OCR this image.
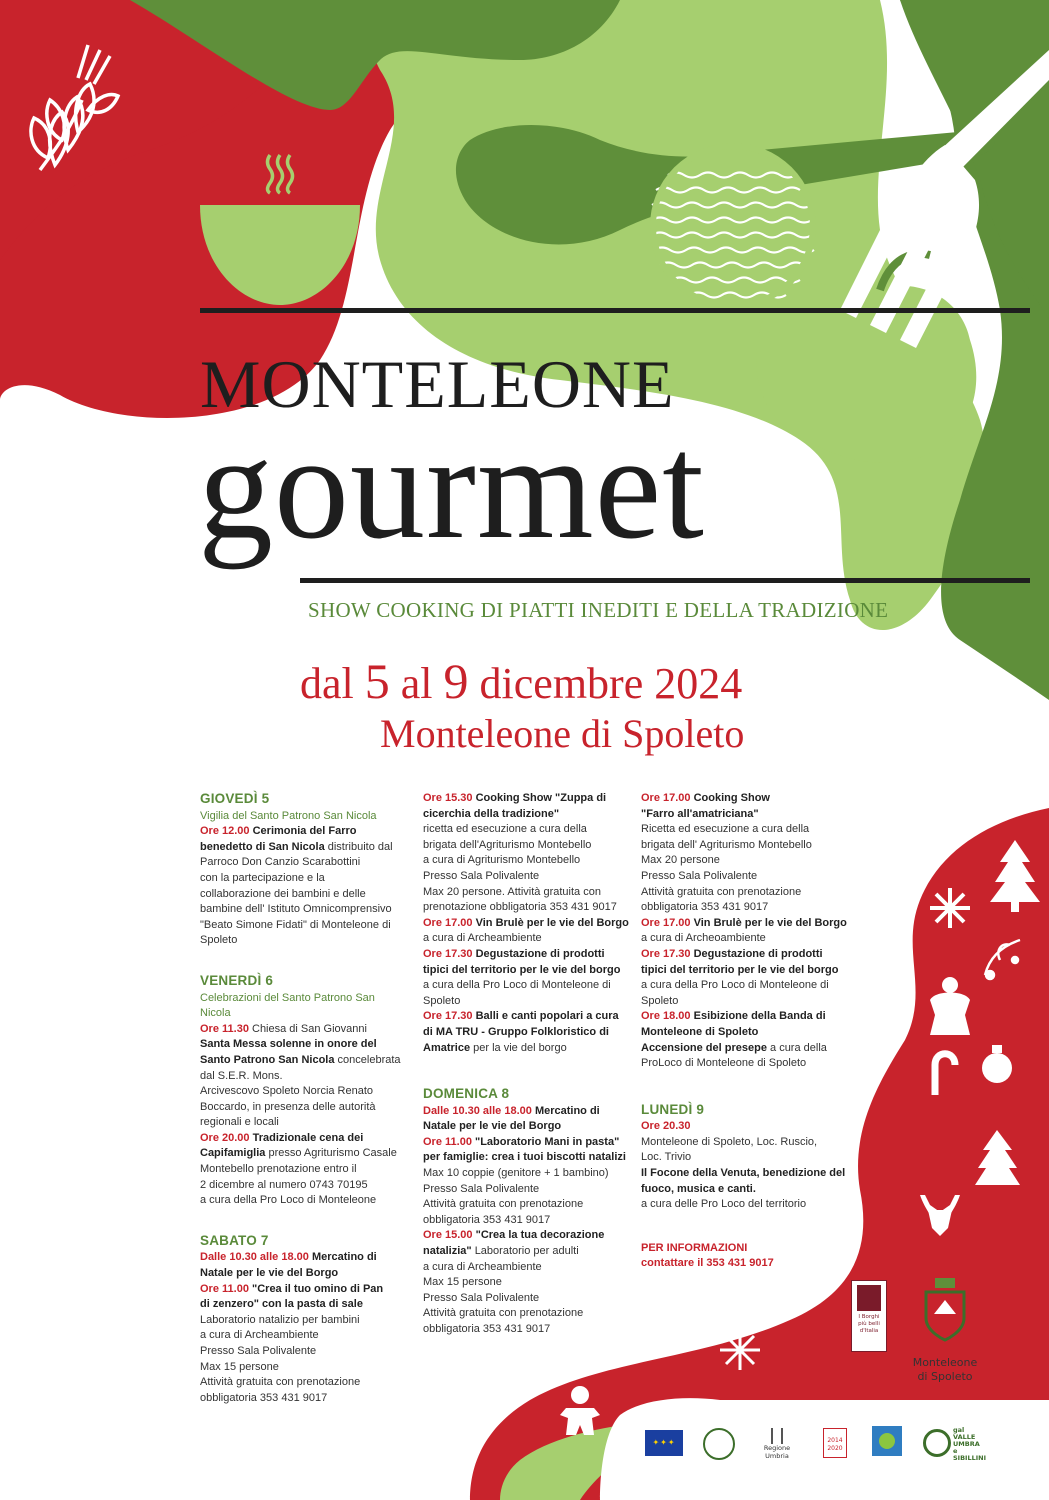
MONTELEONE
gourmet
SHOW COOKING DI PIATTI INEDITI E DELLA TRADIZIONE
dal 5 al 9 dicembre 2024
Monteleone di Spoleto

GIOVEDÌ 5

Vigilia del Santo Patrono San Nicola

Ore 12.00 Cerimonia del Farro

benedetto di San Nicola distribuito dal

Parroco Don Canzio Scarabottini

con la partecipazione e la

collaborazione dei bambini e delle

bambine dell' Istituto Omnicomprensivo

"Beato Simone Fidati" di Monteleone di

Spoleto

VENERDÌ 6

Celebrazioni del Santo Patrono San

Nicola

Ore 11.30 Chiesa di San Giovanni

Santa Messa solenne in onore del

Santo Patrono San Nicola concelebrata

dal S.E.R. Mons.

Arcivescovo Spoleto Norcia Renato

Boccardo, in presenza delle autorità

regionali e locali

Ore 20.00 Tradizionale cena dei

Capifamiglia presso Agriturismo Casale

Montebello prenotazione entro il

2 dicembre al numero 0743 70195

a cura della Pro Loco di Monteleone

SABATO 7

Dalle 10.30 alle 18.00 Mercatino di

Natale per le vie del Borgo

Ore 11.00 "Crea il tuo omino di Pan

di zenzero" con la pasta di sale

Laboratorio natalizio per bambini

a cura di Archeambiente

Presso Sala Polivalente

Max 15 persone

Attività gratuita con prenotazione

obbligatoria 353 431 9017

Ore 15.30 Cooking Show "Zuppa di

cicerchia della tradizione"

ricetta ed esecuzione a cura della

brigata dell'Agriturismo Montebello

a cura di Agriturismo Montebello

Presso Sala Polivalente

Max 20 persone. Attività gratuita con

prenotazione obbligatoria 353 431 9017

Ore 17.00 Vin Brulè per le vie del Borgo

a cura di Archeambiente

Ore 17.30 Degustazione di prodotti

tipici del territorio per le vie del borgo

a cura della Pro Loco di Monteleone di

Spoleto

Ore 17.30 Balli e canti popolari a cura

di MA TRU - Gruppo Folkloristico di

Amatrice per la vie del borgo

DOMENICA 8

Dalle 10.30 alle 18.00 Mercatino di

Natale per le vie del Borgo

Ore 11.00 "Laboratorio Mani in pasta"

per famiglie: crea i tuoi biscotti natalizi

Max 10 coppie (genitore + 1 bambino)

Presso Sala Polivalente

Attività gratuita con prenotazione

obbligatoria 353 431 9017

Ore 15.00 "Crea la tua decorazione

natalizia" Laboratorio per adulti

a cura di Archeambiente

Max 15 persone

Presso Sala Polivalente

Attività gratuita con prenotazione

obbligatoria 353 431 9017

Ore 17.00 Cooking Show

"Farro all'amatriciana"

Ricetta ed esecuzione a cura della

brigata dell' Agriturismo Montebello

Max 20 persone

Presso Sala Polivalente

Attività gratuita con prenotazione

obbligatoria 353 431 9017

Ore 17.00 Vin Brulè per le vie del Borgo

a cura di Archeoambiente

Ore 17.30 Degustazione di prodotti

tipici del territorio per le vie del borgo

a cura della Pro Loco di Monteleone di

Spoleto

Ore 18.00 Esibizione della Banda di

Monteleone di Spoleto

Accensione del presepe a cura della

ProLoco di Monteleone di Spoleto

LUNEDÌ 9

Ore 20.30

Monteleone di Spoleto, Loc. Ruscio,

Loc. Trivio

Il Focone della Venuta, benedizione del

fuoco, musica e canti.

a cura delle Pro Loco del territorio

PER INFORMAZIONI

contattare il 353 431 9017

I Borghi
più belli
d'Italia
Monteleone
di Spoleto
✦✦✦
Regione Umbria
2014 2020
gal
VALLE
UMBRA
e SIBILLINI
